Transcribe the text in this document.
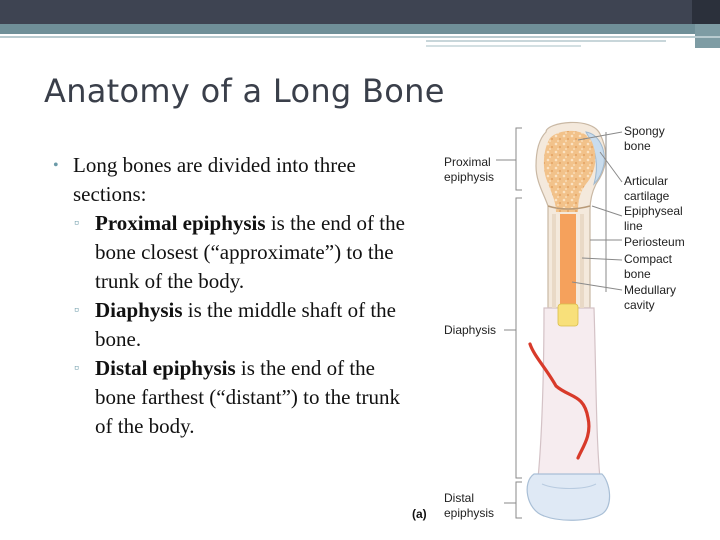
Anatomy of a Long Bone
• Long bones are divided into three sections:
▫ Proximal epiphysis is the end of the bone closest (“approximate”) to the trunk of the body.
▫ Diaphysis is the middle shaft of the bone.
▫ Distal epiphysis is the end of the bone farthest (“distant”) to the trunk of the body.
Proximal epiphysis
Diaphysis
Distal epiphysis
(a)
Spongy bone
Articular cartilage
Epiphyseal line
Periosteum
Compact bone
Medullary cavity
